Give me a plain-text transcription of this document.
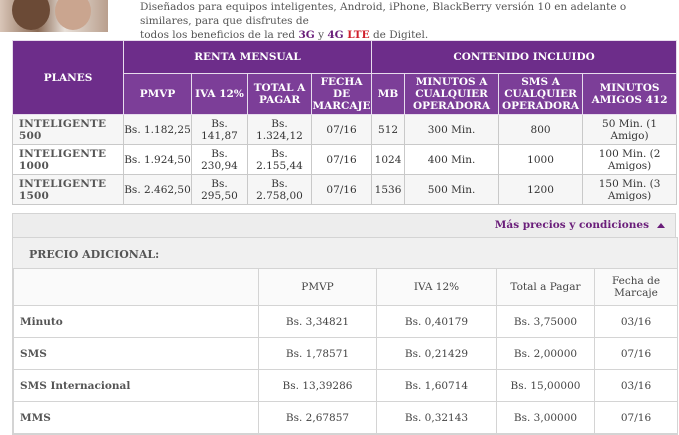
Diseñados para equipos inteligentes, Android, iPhone, BlackBerry versión 10 en adelante o similares, para que disfrutes de
todos los beneficios de la red 3G y 4G LTE de Digitel.
PLANES	RENTA MENSUAL				CONTENIDO INCLUIDO			
	PMVP	IVA 12%	TOTAL A PAGAR	FECHA DE MARCAJE	MB	MINUTOS A CUALQUIER OPERADORA	SMS A CUALQUIER OPERADORA	MINUTOS AMIGOS 412
INTELIGENTE 500	Bs. 1.182,25	Bs. 141,87	Bs. 1.324,12	07/16	512	300 Min.	800	50 Min. (1 Amigo)
INTELIGENTE 1000	Bs. 1.924,50	Bs. 230,94	Bs. 2.155,44	07/16	1024	400 Min.	1000	100 Min. (2 Amigos)
INTELIGENTE 1500	Bs. 2.462,50	Bs. 295,50	Bs. 2.758,00	07/16	1536	500 Min.	1200	150 Min. (3 Amigos)
Más precios y condiciones
PRECIO ADICIONAL:
	PMVP	IVA 12%	Total a Pagar	Fecha de Marcaje
Minuto	Bs. 3,34821	Bs. 0,40179	Bs. 3,75000	03/16
SMS	Bs. 1,78571	Bs. 0,21429	Bs. 2,00000	07/16
SMS Internacional	Bs. 13,39286	Bs. 1,60714	Bs. 15,00000	03/16
MMS	Bs. 2,67857	Bs. 0,32143	Bs. 3,00000	07/16
